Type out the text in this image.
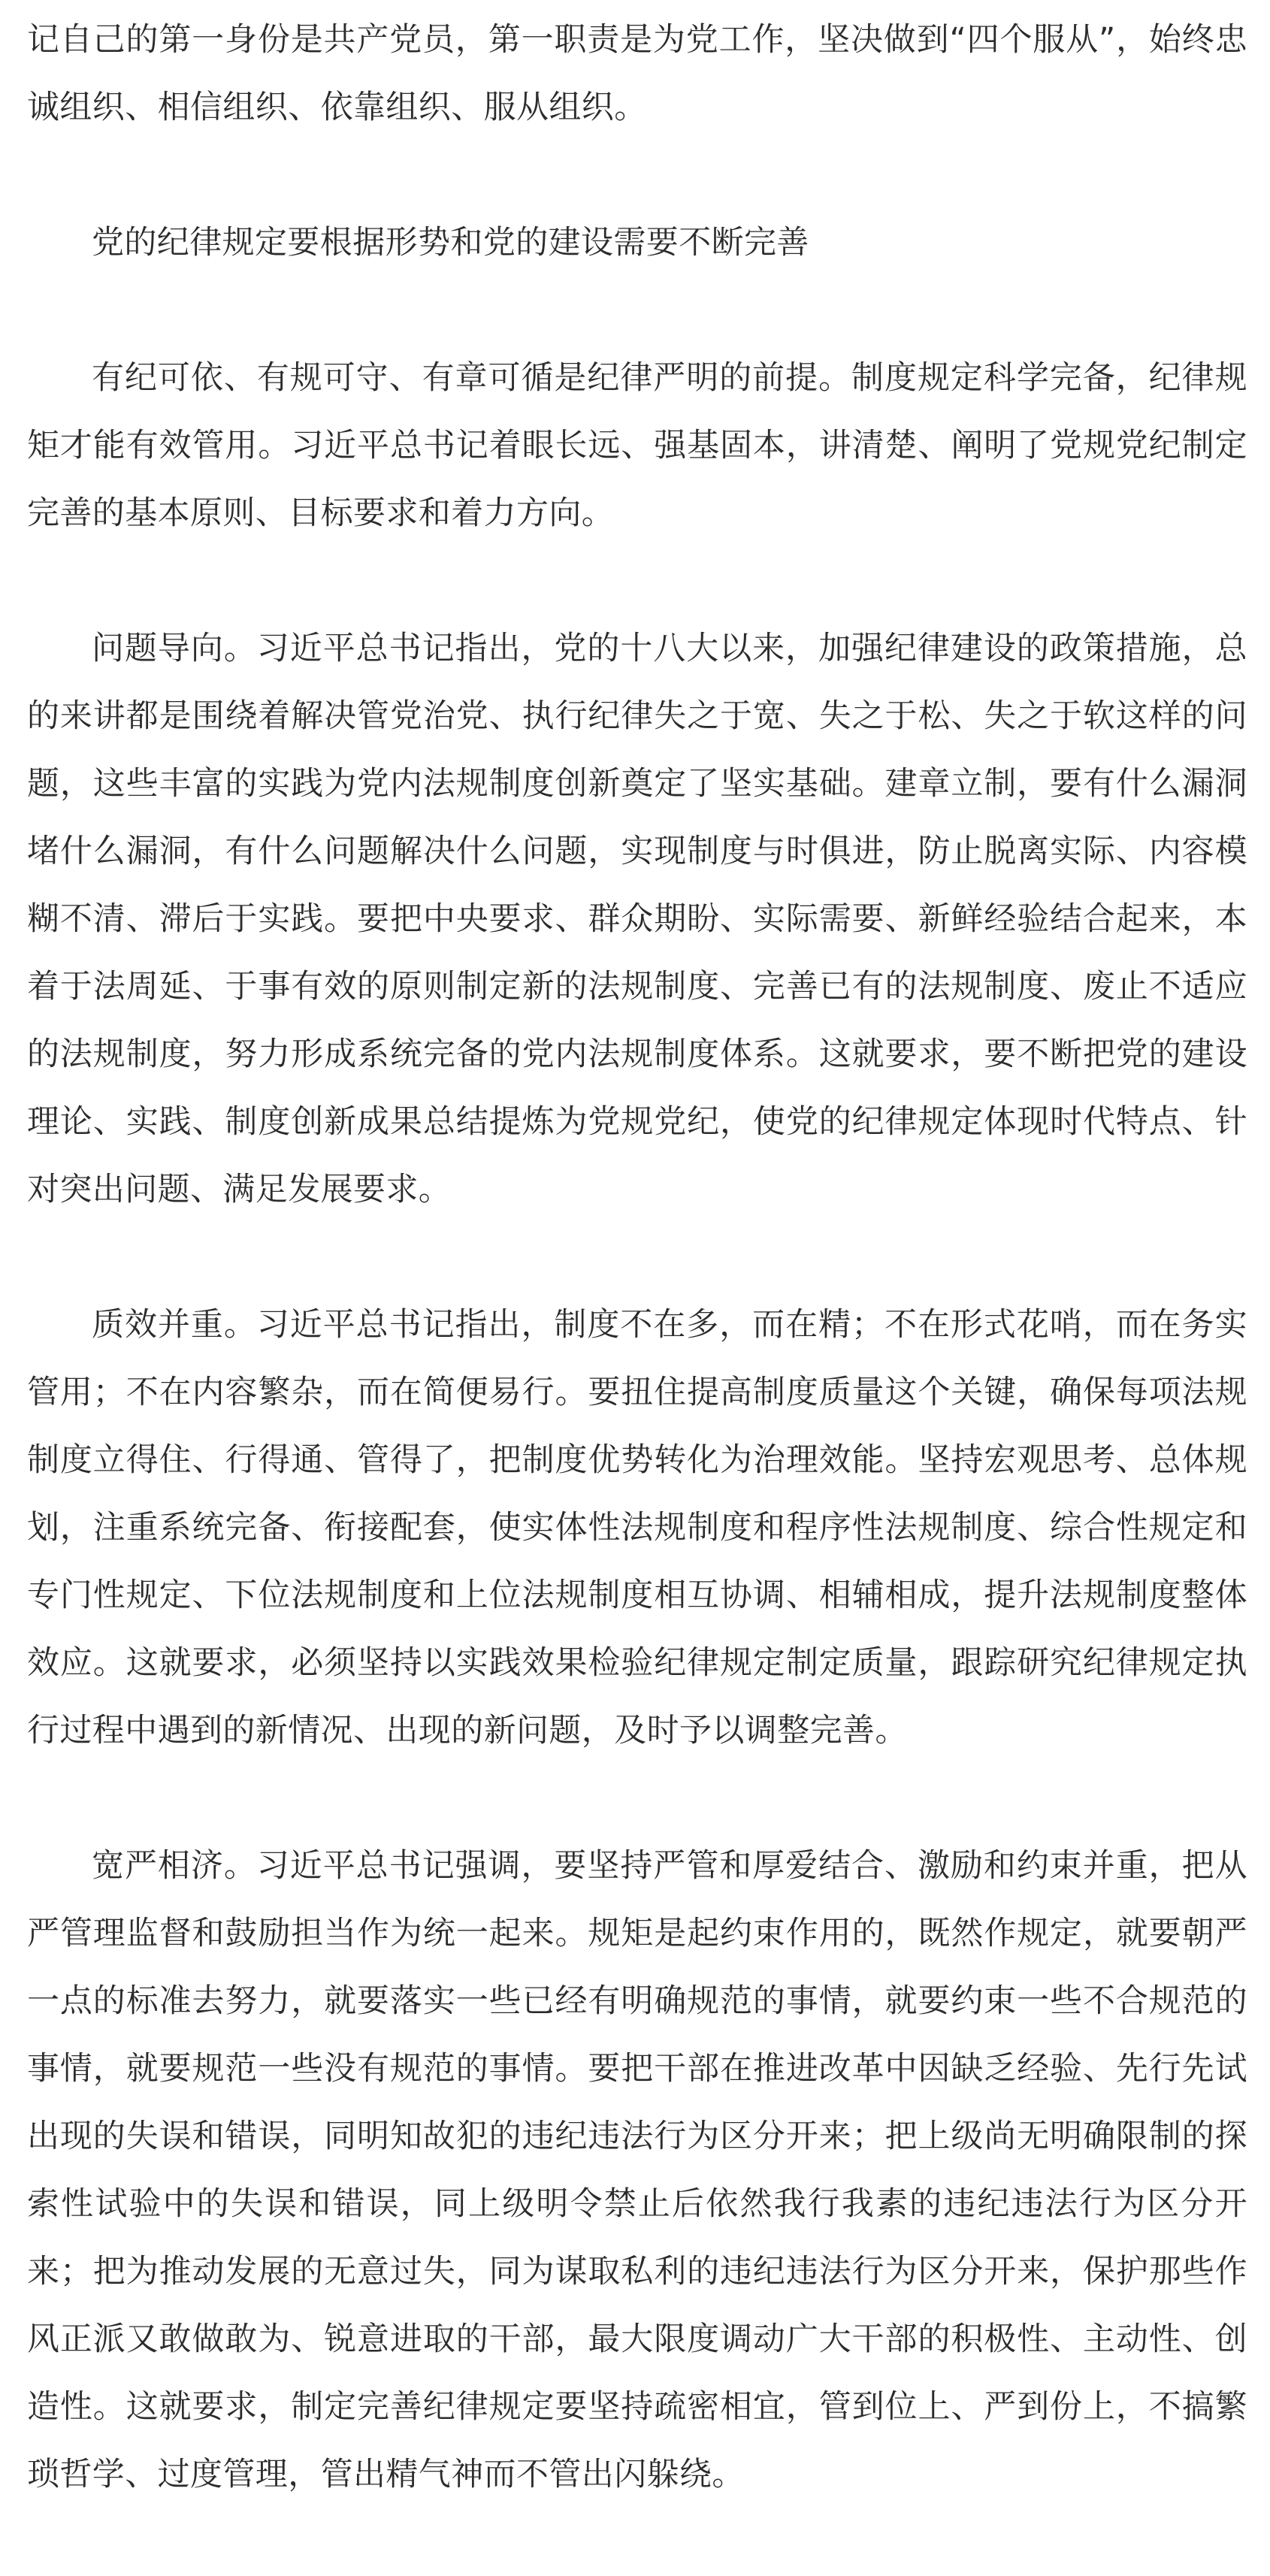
记自己的第一身份是共产党员，第一职责是为党工作，坚决做到“四个服从”，始终忠诚组织、相信组织、依靠组织、服从组织。

党的纪律规定要根据形势和党的建设需要不断完善

有纪可依、有规可守、有章可循是纪律严明的前提。制度规定科学完备，纪律规矩才能有效管用。习近平总书记着眼长远、强基固本，讲清楚、阐明了党规党纪制定完善的基本原则、目标要求和着力方向。

问题导向。习近平总书记指出，党的十八大以来，加强纪律建设的政策措施，总的来讲都是围绕着解决管党治党、执行纪律失之于宽、失之于松、失之于软这样的问题，这些丰富的实践为党内法规制度创新奠定了坚实基础。建章立制，要有什么漏洞堵什么漏洞，有什么问题解决什么问题，实现制度与时俱进，防止脱离实际、内容模糊不清、滞后于实践。要把中央要求、群众期盼、实际需要、新鲜经验结合起来，本着于法周延、于事有效的原则制定新的法规制度、完善已有的法规制度、废止不适应的法规制度，努力形成系统完备的党内法规制度体系。这就要求，要不断把党的建设理论、实践、制度创新成果总结提炼为党规党纪，使党的纪律规定体现时代特点、针对突出问题、满足发展要求。

质效并重。习近平总书记指出，制度不在多，而在精；不在形式花哨，而在务实管用；不在内容繁杂，而在简便易行。要扭住提高制度质量这个关键，确保每项法规制度立得住、行得通、管得了，把制度优势转化为治理效能。坚持宏观思考、总体规划，注重系统完备、衔接配套，使实体性法规制度和程序性法规制度、综合性规定和专门性规定、下位法规制度和上位法规制度相互协调、相辅相成，提升法规制度整体效应。这就要求，必须坚持以实践效果检验纪律规定制定质量，跟踪研究纪律规定执行过程中遇到的新情况、出现的新问题，及时予以调整完善。

宽严相济。习近平总书记强调，要坚持严管和厚爱结合、激励和约束并重，把从严管理监督和鼓励担当作为统一起来。规矩是起约束作用的，既然作规定，就要朝严一点的标准去努力，就要落实一些已经有明确规范的事情，就要约束一些不合规范的事情，就要规范一些没有规范的事情。要把干部在推进改革中因缺乏经验、先行先试出现的失误和错误，同明知故犯的违纪违法行为区分开来；把上级尚无明确限制的探索性试验中的失误和错误，同上级明令禁止后依然我行我素的违纪违法行为区分开来；把为推动发展的无意过失，同为谋取私利的违纪违法行为区分开来，保护那些作风正派又敢做敢为、锐意进取的干部，最大限度调动广大干部的积极性、主动性、创造性。这就要求，制定完善纪律规定要坚持疏密相宜，管到位上、严到份上，不搞繁琐哲学、过度管理，管出精气神而不管出闪躲绕。
